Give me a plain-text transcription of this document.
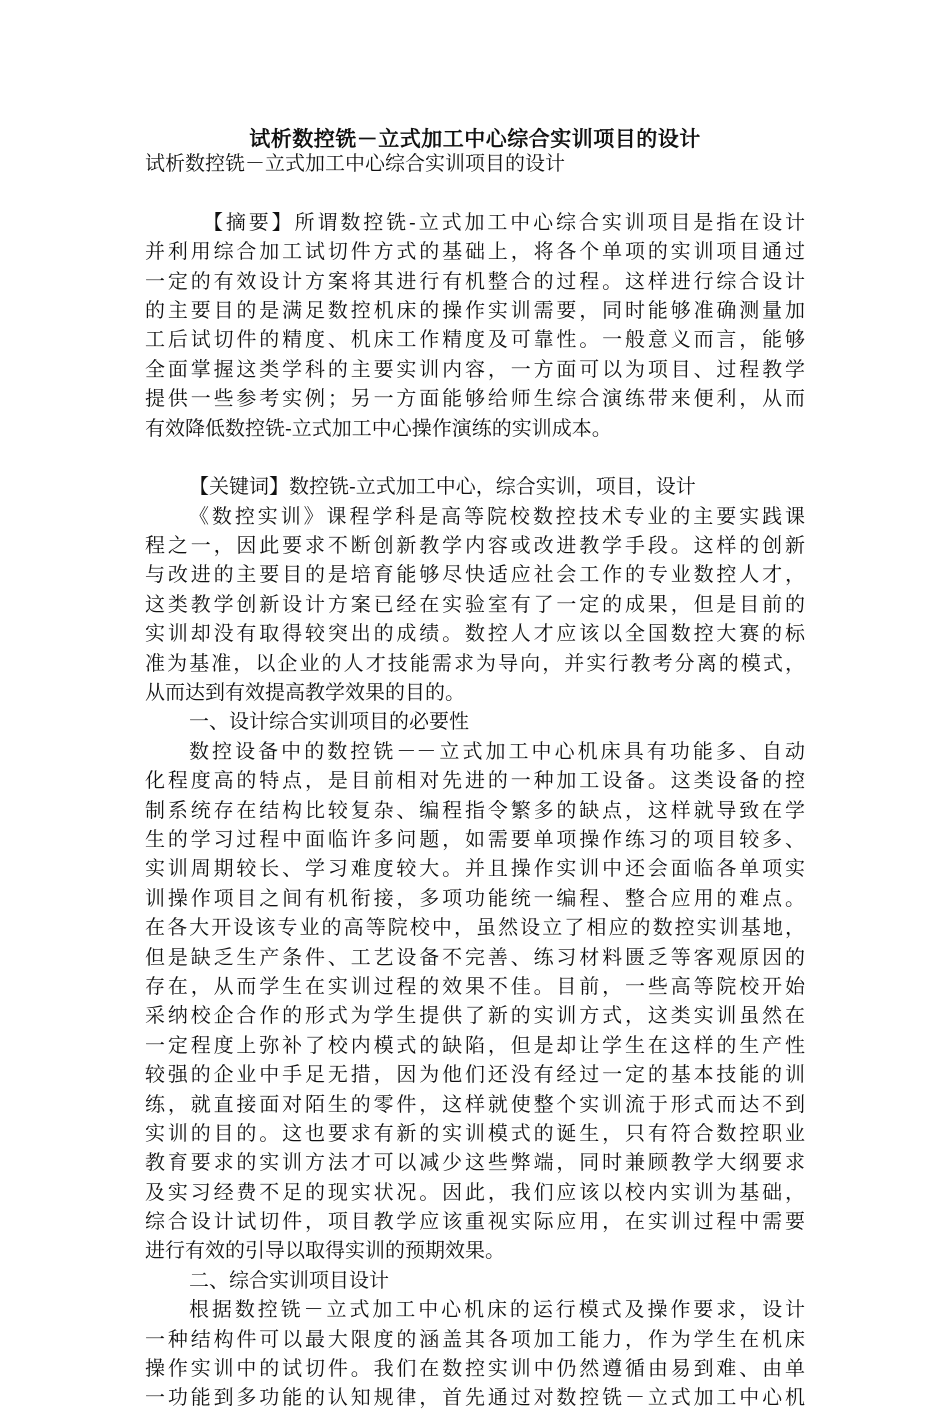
试析数控铣－立式加工中心综合实训项目的设计
试析数控铣－立式加工中心综合实训项目的设计
【摘要】所谓数控铣-立式加工中心综合实训项目是指在设计
并利用综合加工试切件方式的基础上，将各个单项的实训项目通过
一定的有效设计方案将其进行有机整合的过程。这样进行综合设计
的主要目的是满足数控机床的操作实训需要，同时能够准确测量加
工后试切件的精度、机床工作精度及可靠性。一般意义而言，能够
全面掌握这类学科的主要实训内容，一方面可以为项目、过程教学
提供一些参考实例；另一方面能够给师生综合演练带来便利，从而
有效降低数控铣-立式加工中心操作演练的实训成本。
【关键词】数控铣-立式加工中心，综合实训，项目，设计
《数控实训》课程学科是高等院校数控技术专业的主要实践课
程之一，因此要求不断创新教学内容或改进教学手段。这样的创新
与改进的主要目的是培育能够尽快适应社会工作的专业数控人才，
这类教学创新设计方案已经在实验室有了一定的成果，但是目前的
实训却没有取得较突出的成绩。数控人才应该以全国数控大赛的标
准为基准，以企业的人才技能需求为导向，并实行教考分离的模式，
从而达到有效提高教学效果的目的。
一、设计综合实训项目的必要性
数控设备中的数控铣－－立式加工中心机床具有功能多、自动
化程度高的特点，是目前相对先进的一种加工设备。这类设备的控
制系统存在结构比较复杂、编程指令繁多的缺点，这样就导致在学
生的学习过程中面临许多问题，如需要单项操作练习的项目较多、
实训周期较长、学习难度较大。并且操作实训中还会面临各单项实
训操作项目之间有机衔接，多项功能统一编程、整合应用的难点。
在各大开设该专业的高等院校中，虽然设立了相应的数控实训基地，
但是缺乏生产条件、工艺设备不完善、练习材料匮乏等客观原因的
存在，从而学生在实训过程的效果不佳。目前，一些高等院校开始
采纳校企合作的形式为学生提供了新的实训方式，这类实训虽然在
一定程度上弥补了校内模式的缺陷，但是却让学生在这样的生产性
较强的企业中手足无措，因为他们还没有经过一定的基本技能的训
练，就直接面对陌生的零件，这样就使整个实训流于形式而达不到
实训的目的。这也要求有新的实训模式的诞生，只有符合数控职业
教育要求的实训方法才可以减少这些弊端，同时兼顾教学大纲要求
及实习经费不足的现实状况。因此，我们应该以校内实训为基础，
综合设计试切件，项目教学应该重视实际应用，在实训过程中需要
进行有效的引导以取得实训的预期效果。
二、综合实训项目设计
根据数控铣－立式加工中心机床的运行模式及操作要求，设计
一种结构件可以最大限度的涵盖其各项加工能力，作为学生在机床
操作实训中的试切件。我们在数控实训中仍然遵循由易到难、由单
一功能到多功能的认知规律，首先通过对数控铣－立式加工中心机
